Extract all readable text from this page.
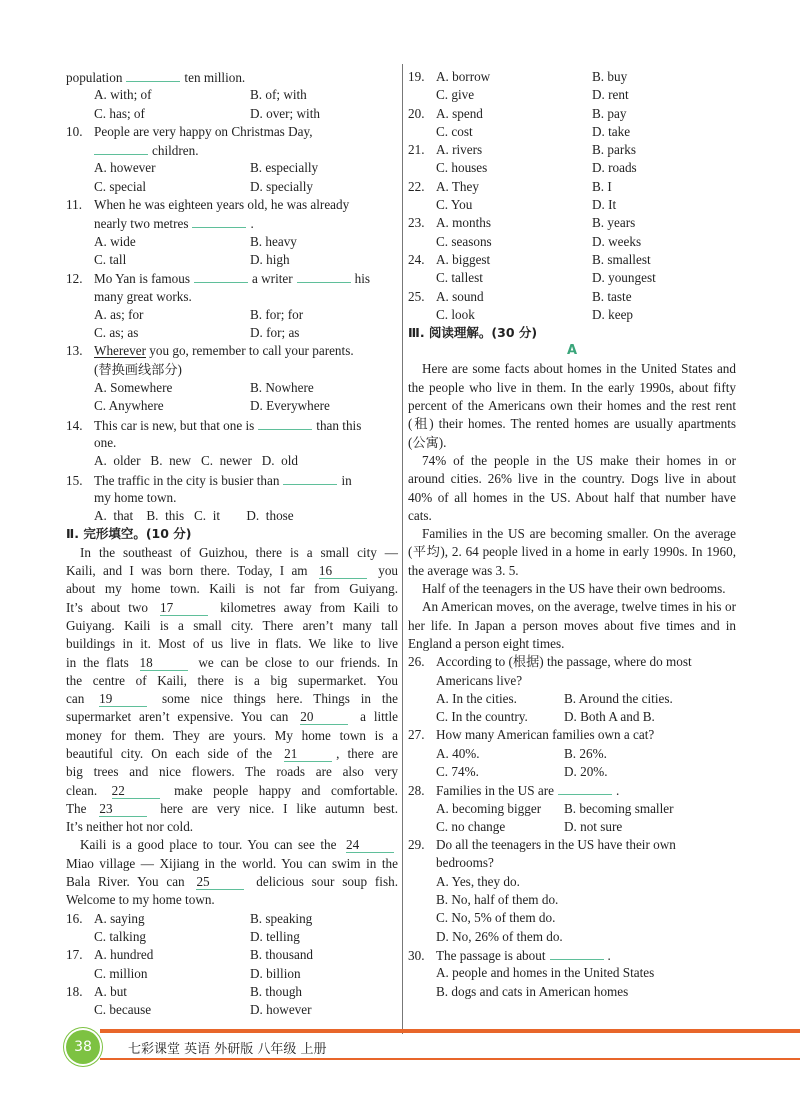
population	ten million.
A. with; of	B. of; with
C. has; of	D. over; with
10. People are very happy on Christmas Day,
children.
A. however	B. especially
C. special	D. specially
11. When he was eighteen years old, he was already
nearly two metres	.
A. wide	B. heavy
C. tall	D. high
12. Mo Yan is famous	a writer	his
many great works.
A. as; for	B. for; for
C. as; as	D. for; as
13. Wherever you go, remember to call your parents.
(替换画线部分)
A. Somewhere	B. Nowhere
C. Anywhere	D. Everywhere
14. This car is new, but that one is	than this
one.
A.  older   B.  new   C.  newer   D.  old
15. The traffic in the city is busier than	in
my home town.
A.  that    B.  this   C.  it        D.  those
Ⅱ. 完形填空。(10 分)
In the southeast of Guizhou, there is a small city —
Kaili, and I was born there. Today, I am 16	you
about my home town. Kaili is not far from Guiyang.
It’s about two 17	kilometres away from Kaili to
Guiyang. Kaili is a small city. There aren’t many tall
buildings in it. Most of us live in flats. We like to live
in the flats 18	we can be close to our friends. In
the centre of Kaili, there is a big supermarket. You
can 19	some nice things here. Things in the
supermarket aren’t expensive. You can 20	a little
money for them. They are yours. My home town is a
beautiful city. On each side of the 21	, there are
big trees and nice flowers. The roads are also very
clean. 22	make people happy and comfortable.
The 23	here are very nice. I like autumn best.
It’s neither hot nor cold.
Kaili is a good place to tour. You can see the 24
Miao village — Xijiang in the world. You can swim in the
Bala River. You can 25	delicious sour soup fish.
Welcome to my home town.
16. A. saying	B. speaking
C. talking	D. telling
17. A. hundred	B. thousand
C. million	D. billion
18. A. but	B. though
C. because	D. however
19. A. borrow	B. buy
C. give	D. rent
20. A. spend	B. pay
C. cost	D. take
21. A. rivers	B. parks
C. houses	D. roads
22. A. They	B. I
C. You	D. It
23. A. months	B. years
C. seasons	D. weeks
24. A. biggest	B. smallest
C. tallest	D. youngest
25. A. sound	B. taste
C. look	D. keep
Ⅲ. 阅读理解。(30 分)
A
Here are some facts about homes in the United States and the people who live in them. In the early 1990s, about fifty percent of the Americans own their homes and the rest rent (租) their homes. The rented homes are usually apartments (公寓).
74% of the people in the US make their homes in or around cities. 26% live in the country. Dogs live in about 40% of all homes in the US. About half that number have cats.
Families in the US are becoming smaller. On the average (平均), 2. 64 people lived in a home in early 1990s. In 1960, the average was 3. 5.
Half of the teenagers in the US have their own bedrooms.
An American moves, on the average, twelve times in his or her life. In Japan a person moves about five times and in England a person eight times.
26. According to (根据) the passage, where do most
Americans live?
A. In the cities.	B. Around the cities.
C. In the country.	D. Both A and B.
27. How many American families own a cat?
A. 40%.	B. 26%.
C. 74%.	D. 20%.
28. Families in the US are	.
A. becoming bigger B. becoming smaller
C. no change	D. not sure
29. Do all the teenagers in the US have their own
bedrooms?
A. Yes, they do.
B. No, half of them do.
C. No, 5% of them do.
D. No, 26% of them do.
30. The passage is about	.
A. people and homes in the United States
B. dogs and cats in American homes
38	七彩课堂 英语 外研版 八年级 上册
